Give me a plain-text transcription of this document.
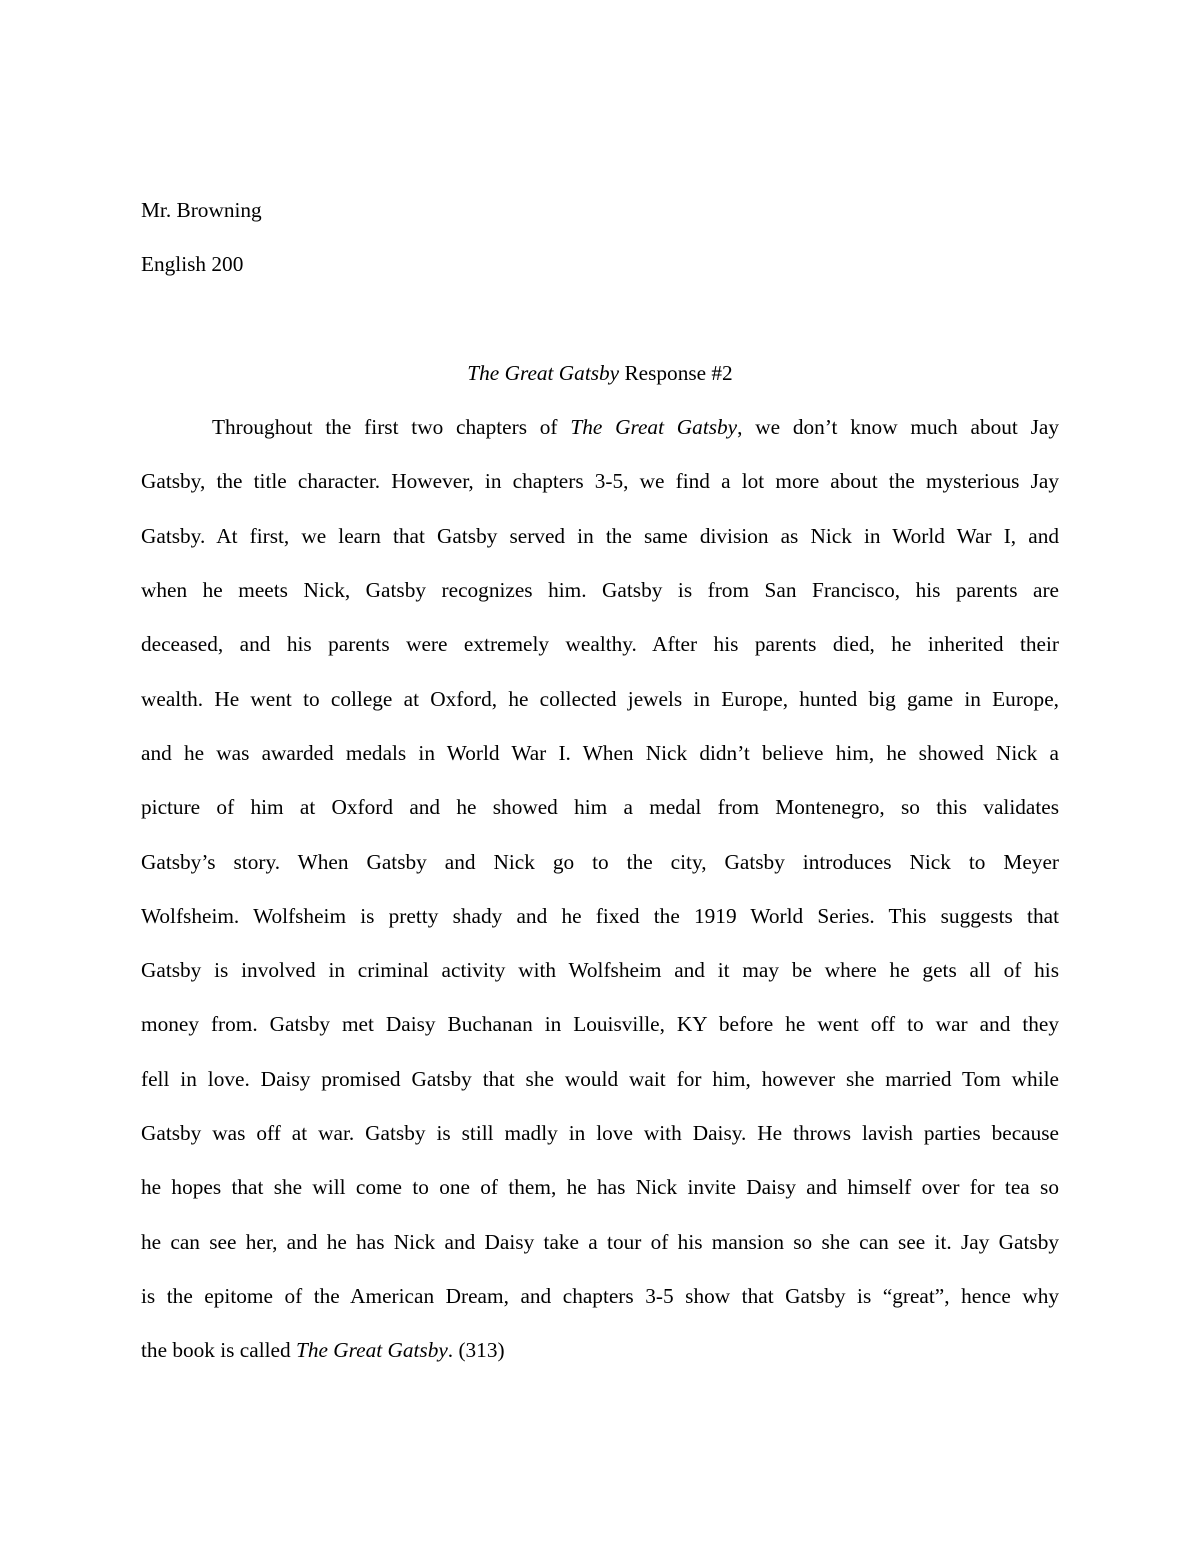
Mr. Browning

English 200

The Great Gatsby Response #2

Throughout the first two chapters of The Great Gatsby, we don’t know much about Jay

Gatsby, the title character. However, in chapters 3-5, we find a lot more about the mysterious Jay

Gatsby. At first, we learn that Gatsby served in the same division as Nick in World War I, and

when he meets Nick, Gatsby recognizes him. Gatsby is from San Francisco, his parents are

deceased, and his parents were extremely wealthy. After his parents died, he inherited their

wealth. He went to college at Oxford, he collected jewels in Europe, hunted big game in Europe,

and he was awarded medals in World War I. When Nick didn’t believe him, he showed Nick a

picture of him at Oxford and he showed him a medal from Montenegro, so this validates

Gatsby’s story. When Gatsby and Nick go to the city, Gatsby introduces Nick to Meyer

Wolfsheim. Wolfsheim is pretty shady and he fixed the 1919 World Series. This suggests that

Gatsby is involved in criminal activity with Wolfsheim and it may be where he gets all of his

money from. Gatsby met Daisy Buchanan in Louisville, KY before he went off to war and they

fell in love. Daisy promised Gatsby that she would wait for him, however she married Tom while

Gatsby was off at war. Gatsby is still madly in love with Daisy. He throws lavish parties because

he hopes that she will come to one of them, he has Nick invite Daisy and himself over for tea so

he can see her, and he has Nick and Daisy take a tour of his mansion so she can see it. Jay Gatsby

is the epitome of the American Dream, and chapters 3-5 show that Gatsby is “great”, hence why

the book is called The Great Gatsby. (313)
